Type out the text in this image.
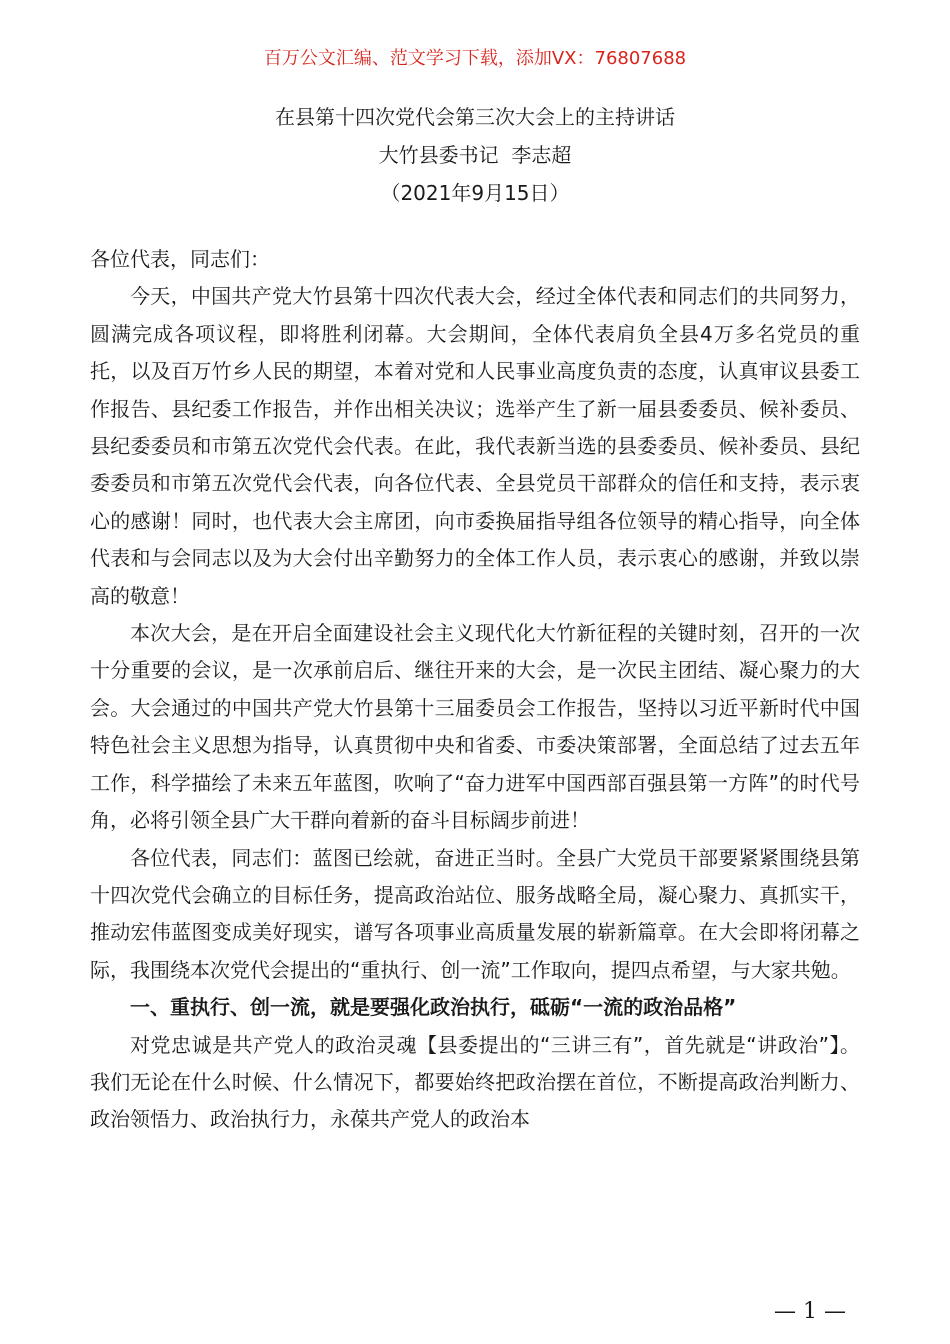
百万公文汇编、范文学习下载，添加VX：76807688
在县第十四次党代会第三次大会上的主持讲话
大竹县委书记  李志超
（2021年9月15日）

各位代表，同志们：

今天，中国共产党大竹县第十四次代表大会，经过全体代表和同志们的共同努力，圆满完成各项议程，即将胜利闭幕。大会期间，全体代表肩负全县4万多名党员的重托，以及百万竹乡人民的期望，本着对党和人民事业高度负责的态度，认真审议县委工作报告、县纪委工作报告，并作出相关决议；选举产生了新一届县委委员、候补委员、县纪委委员和市第五次党代会代表。在此，我代表新当选的县委委员、候补委员、县纪委委员和市第五次党代会代表，向各位代表、全县党员干部群众的信任和支持，表示衷心的感谢！同时，也代表大会主席团，向市委换届指导组各位领导的精心指导，向全体代表和与会同志以及为大会付出辛勤努力的全体工作人员，表示衷心的感谢，并致以崇高的敬意！

本次大会，是在开启全面建设社会主义现代化大竹新征程的关键时刻，召开的一次十分重要的会议，是一次承前启后、继往开来的大会，是一次民主团结、凝心聚力的大会。大会通过的中国共产党大竹县第十三届委员会工作报告，坚持以习近平新时代中国特色社会主义思想为指导，认真贯彻中央和省委、市委决策部署，全面总结了过去五年工作，科学描绘了未来五年蓝图，吹响了“奋力进军中国西部百强县第一方阵”的时代号角，必将引领全县广大干群向着新的奋斗目标阔步前进！

各位代表，同志们：蓝图已绘就，奋进正当时。全县广大党员干部要紧紧围绕县第十四次党代会确立的目标任务，提高政治站位、服务战略全局，凝心聚力、真抓实干，推动宏伟蓝图变成美好现实，谱写各项事业高质量发展的崭新篇章。在大会即将闭幕之际，我围绕本次党代会提出的“重执行、创一流”工作取向，提四点希望，与大家共勉。

一、重执行、创一流，就是要强化政治执行，砥砺“一流的政治品格”

对党忠诚是共产党人的政治灵魂【县委提出的“三讲三有”，首先就是“讲政治”】。我们无论在什么时候、什么情况下，都要始终把政治摆在首位，不断提高政治判断力、政治领悟力、政治执行力，永葆共产党人的政治本

— 1 —
